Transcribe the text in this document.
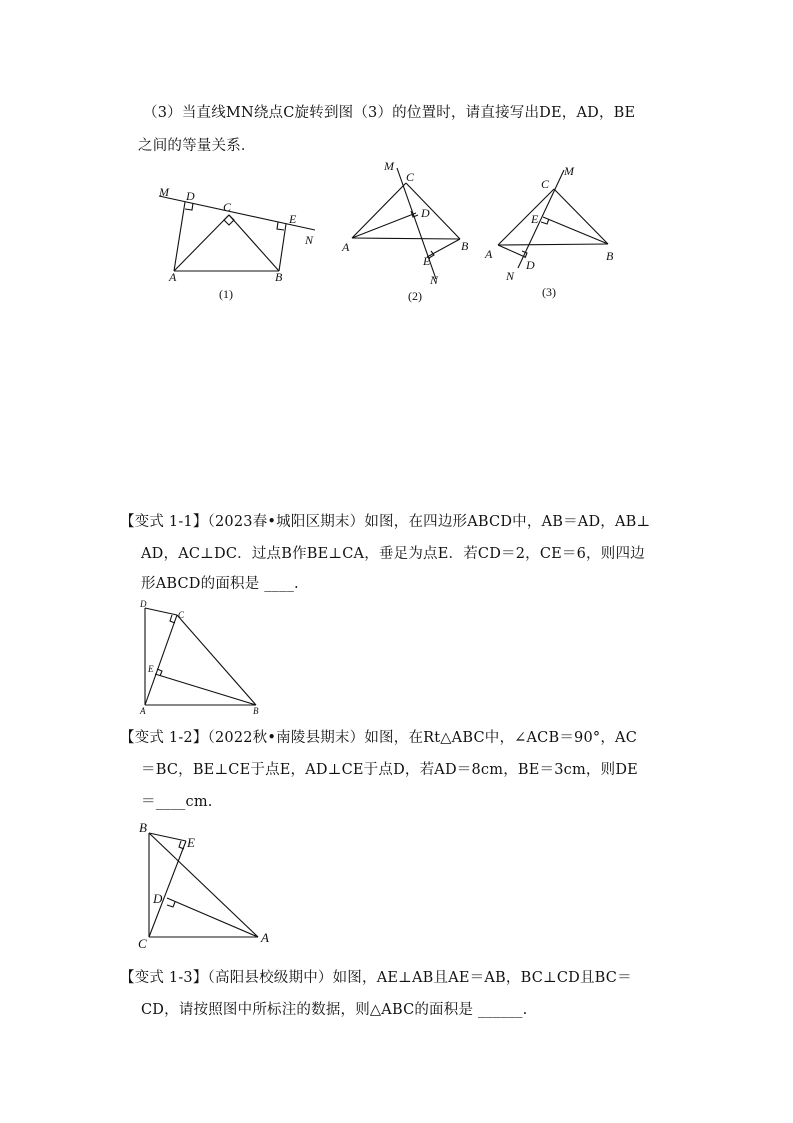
（3）当直线MN绕点C旋转到图（3）的位置时，请直接写出DE，AD，BE
之间的等量关系．
M D
C
E
N
A	B
(1)
M
C
D
A	B
E
N
(2)
M
C
E
A	B
D
N
(3)
【变式 1-1】（2023春•城阳区期末）如图，在四边形ABCD中，AB＝AD，AB⊥
AD，AC⊥DC．过点B作BE⊥CA，垂足为点E．若CD＝2，CE＝6，则四边
形ABCD的面积是 ____.
D
C
E
A	B
【变式 1-2】（2022秋•南陵县期末）如图，在Rt△ABC中，∠ACB＝90°，AC
＝BC，BE⊥CE于点E，AD⊥CE于点D，若AD＝8cm，BE＝3cm，则DE
＝____cm.
B
E
D
C	A
【变式 1-3】（高阳县校级期中）如图，AE⊥AB且AE＝AB，BC⊥CD且BC＝
CD，请按照图中所标注的数据，则△ABC的面积是 ______.
